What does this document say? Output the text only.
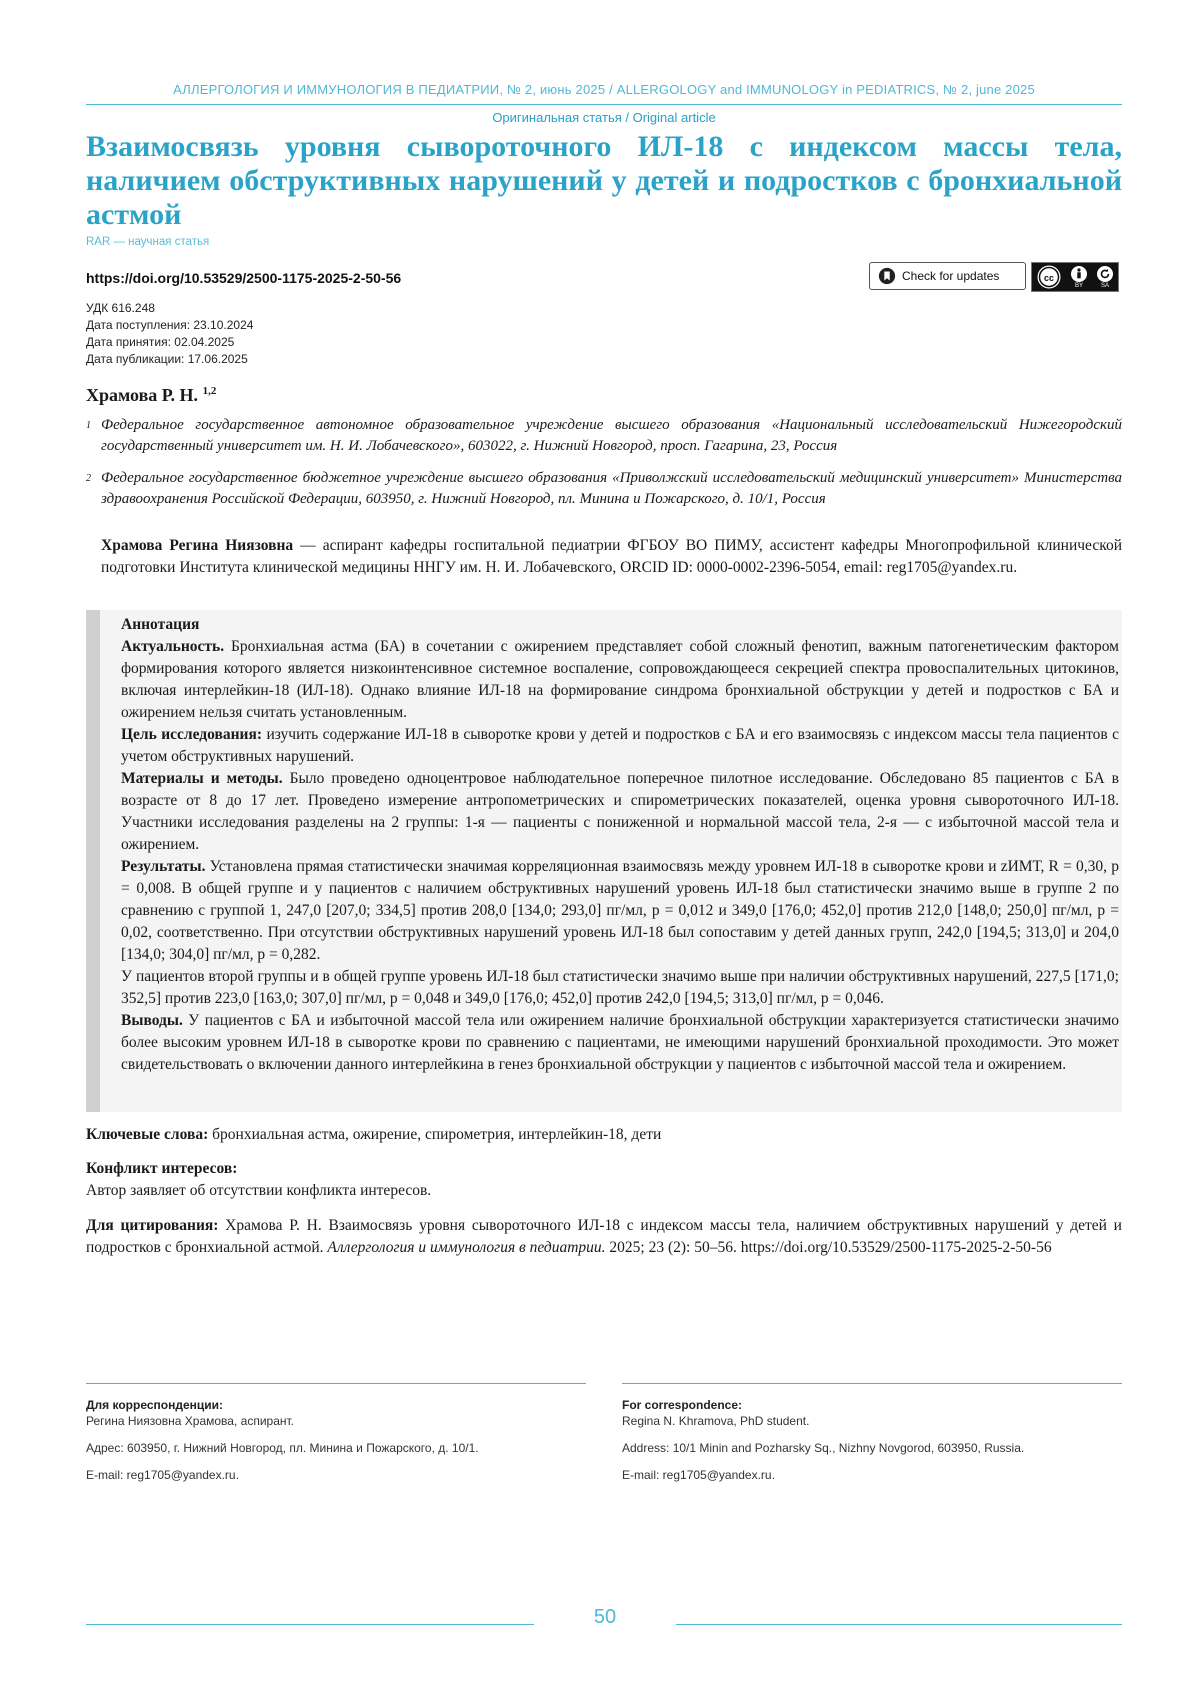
АЛЛЕРГОЛОГИЯ И ИММУНОЛОГИЯ В ПЕДИАТРИИ, № 2, июнь 2025 / ALLERGOLOGY and IMMUNOLOGY in PEDIATRICS, № 2, june 2025
Оригинальная статья / Original article
Взаимосвязь уровня сывороточного ИЛ-18 с индексом массы тела, наличием обструктивных нарушений у детей и подростков с бронхиальной астмой
RAR — научная статья
https://doi.org/10.53529/2500-1175-2025-2-50-56	Check for updates	cc
BY	SA
УДК 616.248
Дата поступления: 23.10.2024
Дата принятия: 02.04.2025
Дата публикации: 17.06.2025
Храмова Р. Н. $^{1,2}$
1 Федеральное государственное автономное образовательное учреждение высшего образования «Национальный исследовательский Нижегородский государственный университет им. Н. И. Лобачевского», 603022, г. Нижний Новгород, просп. Гагарина, 23, Россия
2 Федеральное государственное бюджетное учреждение высшего образования «Приволжский исследовательский медицинский университет» Министерства здравоохранения Российской Федерации, 603950, г. Нижний Новгород, пл. Минина и Пожарского, д. 10/1, Россия
Храмова Регина Ниязовна — аспирант кафедры госпитальной педиатрии ФГБОУ ВО ПИМУ, ассистент кафедры Многопрофильной клинической подготовки Института клинической медицины ННГУ им. Н. И. Лобачевского, ORCID ID: 0000-0002-2396-5054, email: reg1705@yandex.ru.

Аннотация

Актуальность. Бронхиальная астма (БА) в сочетании с ожирением представляет собой сложный фенотип, важным патогенетическим фактором формирования которого является низкоинтенсивное системное воспаление, сопровождающееся секрецией спектра провоспалительных цитокинов, включая интерлейкин-18 (ИЛ-18). Однако влияние ИЛ-18 на формирование синдрома бронхиальной обструкции у детей и подростков с БА и ожирением нельзя считать установленным.

Цель исследования: изучить содержание ИЛ-18 в сыворотке крови у детей и подростков с БА и его взаимосвязь с индексом массы тела пациентов с учетом обструктивных нарушений.

Материалы и методы. Было проведено одноцентровое наблюдательное поперечное пилотное исследование. Обследовано 85 пациентов с БА в возрасте от 8 до 17 лет. Проведено измерение антропометрических и спирометрических показателей, оценка уровня сывороточного ИЛ-18. Участники исследования разделены на 2 группы: 1-я — пациенты с пониженной и нормальной массой тела, 2-я — с избыточной массой тела и ожирением.

Результаты. Установлена прямая статистически значимая корреляционная взаимосвязь между уровнем ИЛ-18 в сыворотке крови и zИМТ, R = 0,30, p = 0,008. В общей группе и у пациентов с наличием обструктивных нарушений уровень ИЛ-18 был статистически значимо выше в группе 2 по сравнению с группой 1, 247,0 [207,0; 334,5] против 208,0 [134,0; 293,0] пг/мл, p = 0,012 и 349,0 [176,0; 452,0] против 212,0 [148,0; 250,0] пг/мл, p = 0,02, соответственно. При отсутствии обструктивных нарушений уровень ИЛ-18 был сопоставим у детей данных групп, 242,0 [194,5; 313,0] и 204,0 [134,0; 304,0] пг/мл, p = 0,282.

У пациентов второй группы и в общей группе уровень ИЛ-18 был статистически значимо выше при наличии обструктивных нарушений, 227,5 [171,0; 352,5] против 223,0 [163,0; 307,0] пг/мл, p = 0,048 и 349,0 [176,0; 452,0] против 242,0 [194,5; 313,0] пг/мл, p = 0,046.

Выводы. У пациентов с БА и избыточной массой тела или ожирением наличие бронхиальной обструкции характеризуется статистически значимо более высоким уровнем ИЛ-18 в сыворотке крови по сравнению с пациентами, не имеющими нарушений бронхиальной проходимости. Это может свидетельствовать о включении данного интерлейкина в генез бронхиальной обструкции у пациентов с избыточной массой тела и ожирением.

Ключевые слова: бронхиальная астма, ожирение, спирометрия, интерлейкин-18, дети
Конфликт интересов:
Автор заявляет об отсутствии конфликта интересов.
Для цитирования: Храмова Р. Н. Взаимосвязь уровня сывороточного ИЛ-18 с индексом массы тела, наличием обструктивных нарушений у детей и подростков с бронхиальной астмой. Аллергология и иммунология в педиатрии. 2025; 23 (2): 50–56. https://doi.org/10.53529/2500-1175-2025-2-50-56
Для корреспонденции:
Регина Ниязовна Храмова, аспирант.
Адрес: 603950, г. Нижний Новгород, пл. Минина и Пожарского, д. 10/1.
E-mail: reg1705@yandex.ru.
For correspondence:
Regina N. Khramova, PhD student.
Address: 10/1 Minin and Pozharsky Sq., Nizhny Novgorod, 603950, Russia.
E-mail: reg1705@yandex.ru.
50
